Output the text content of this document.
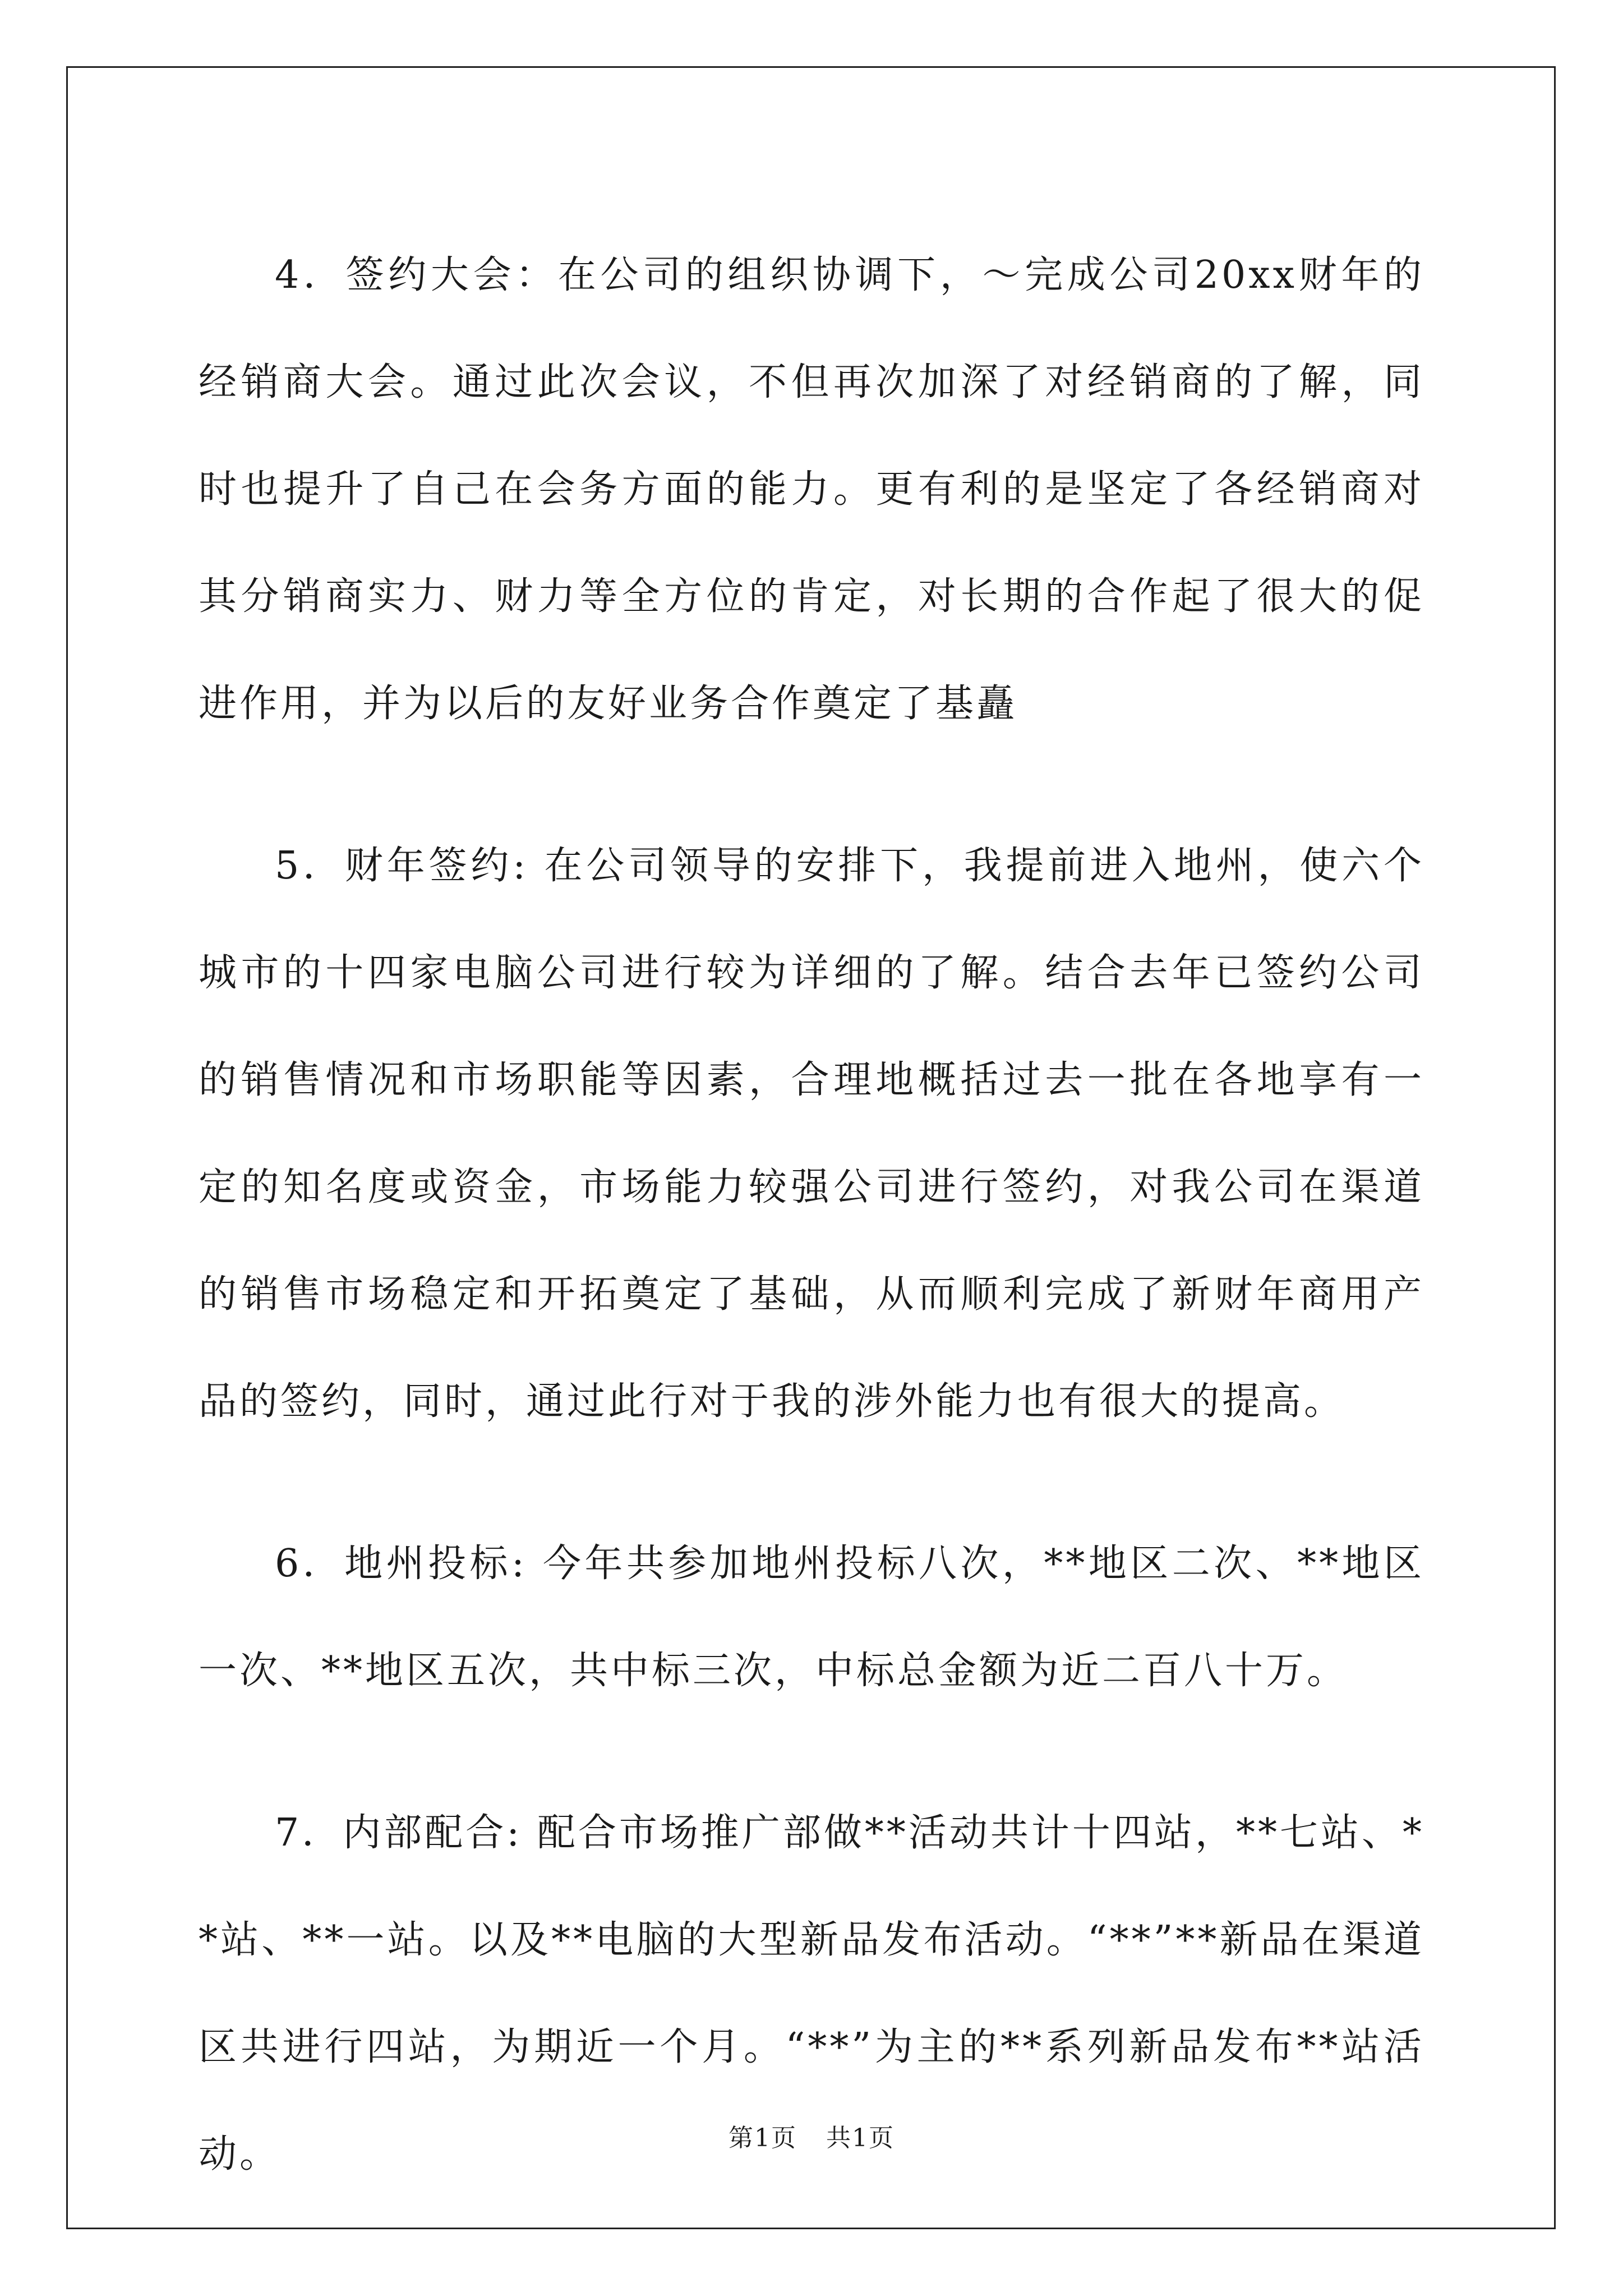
4．签约大会：在公司的组织协调下，～完成公司20xx财年的经销商大会。通过此次会议，不但再次加深了对经销商的了解，同时也提升了自己在会务方面的能力。更有利的是坚定了各经销商对其分销商实力、财力等全方位的肯定，对长期的合作起了很大的促进作用，并为以后的友好业务合作奠定了基矗

5．财年签约: 在公司领导的安排下，我提前进入地州，使六个城市的十四家电脑公司进行较为详细的了解。结合去年已签约公司的销售情况和市场职能等因素，合理地概括过去一批在各地享有一定的知名度或资金，市场能力较强公司进行签约，对我公司在渠道的销售市场稳定和开拓奠定了基础，从而顺利完成了新财年商用产品的签约，同时，通过此行对于我的涉外能力也有很大的提高。

6．地州投标: 今年共参加地州投标八次，**地区二次、**地区一次、**地区五次，共中标三次，中标总金额为近二百八十万。

7．内部配合: 配合市场推广部做**活动共计十四站，**七站、**站、**一站。以及**电脑的大型新品发布活动。“**”**新品在渠道区共进行四站，为期近一个月。“**”为主的**系列新品发布**站活动。	第1页 共1页
